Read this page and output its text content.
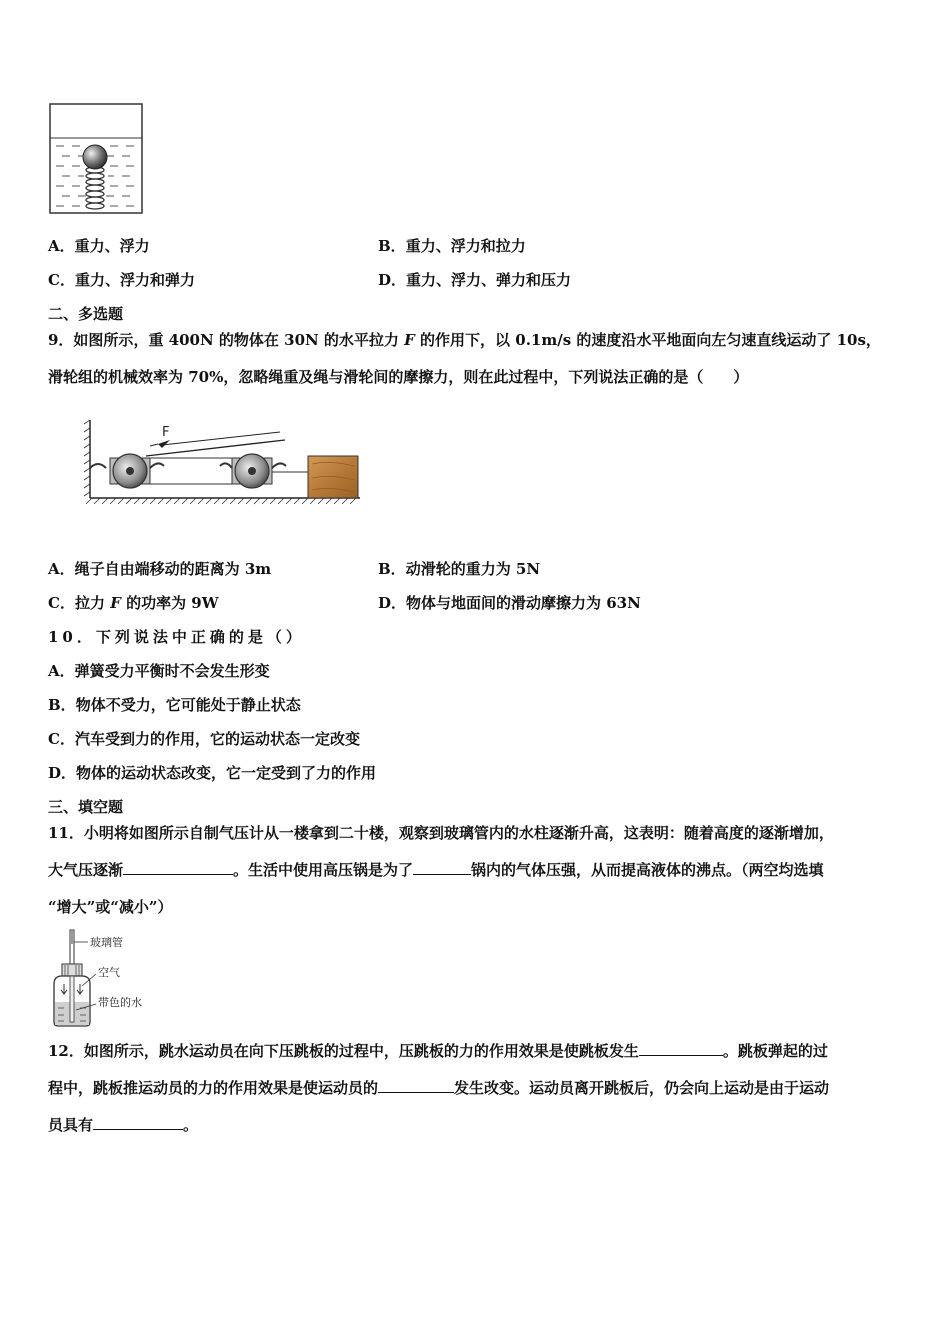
A．重力、浮力	B．重力、浮力和拉力
C．重力、浮力和弹力	D．重力、浮力、弹力和压力
二、多选题
9．如图所示，重 400N 的物体在 30N 的水平拉力 F 的作用下，以 0.1m/s 的速度沿水平地面向左匀速直线运动了 10s，
滑轮组的机械效率为 70%，忽略绳重及绳与滑轮间的摩擦力，则在此过程中，下列说法正确的是（　　）
F
A．绳子自由端移动的距离为 3m	B．动滑轮的重力为 5N
C．拉力 F 的功率为 9W	D．物体与地面间的滑动摩擦力为 63N
10．下列说法中正确的是（）
A．弹簧受力平衡时不会发生形变
B．物体不受力，它可能处于静止状态
C．汽车受到力的作用，它的运动状态一定改变
D．物体的运动状态改变，它一定受到了力的作用
三、填空题
11．小明将如图所示自制气压计从一楼拿到二十楼，观察到玻璃管内的水柱逐渐升高，这表明：随着高度的逐渐增加，
大气压逐渐	。生活中使用高压锅是为了	锅内的气体压强，从而提高液体的沸点。（两空均选填
“增大”或“减小”）
玻璃管
空气
带色的水
12．如图所示，跳水运动员在向下压跳板的过程中，压跳板的力的作用效果是使跳板发生	。跳板弹起的过
程中，跳板推运动员的力的作用效果是使运动员的	发生改变。运动员离开跳板后，仍会向上运动是由于运动
员具有	。
